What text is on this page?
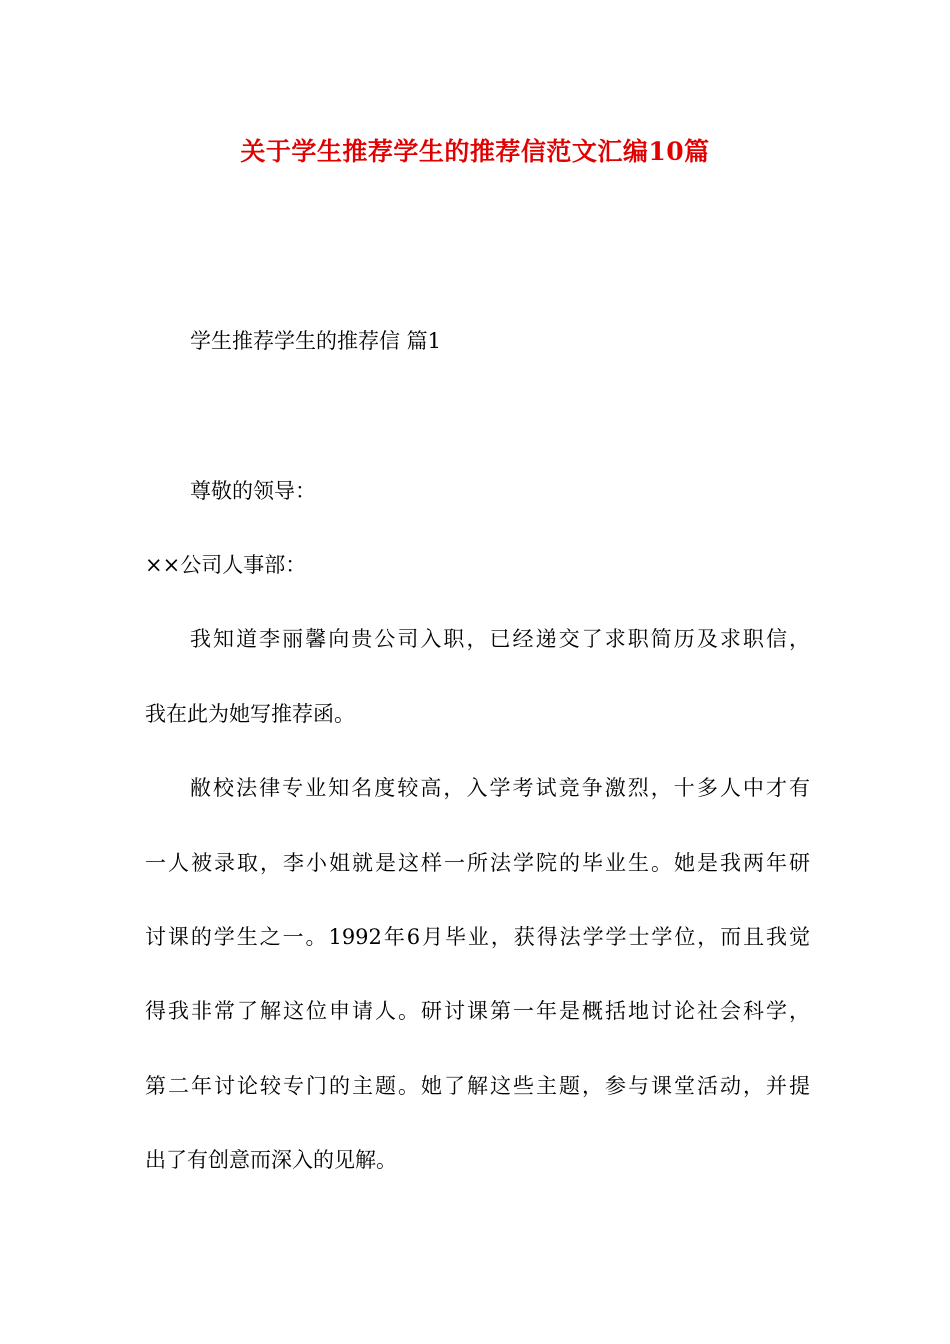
关于学生推荐学生的推荐信范文汇编10篇
学生推荐学生的推荐信 篇1
尊敬的领导：
××公司人事部：
我知道李丽馨向贵公司入职，已经递交了求职简历及求职信，
我在此为她写推荐函。
敝校法律专业知名度较高，入学考试竞争激烈，十多人中才有
一人被录取，李小姐就是这样一所法学院的毕业生。她是我两年研
讨课的学生之一。1992年6月毕业，获得法学学士学位，而且我觉
得我非常了解这位申请人。研讨课第一年是概括地讨论社会科学，
第二年讨论较专门的主题。她了解这些主题，参与课堂活动，并提
出了有创意而深入的见解。
